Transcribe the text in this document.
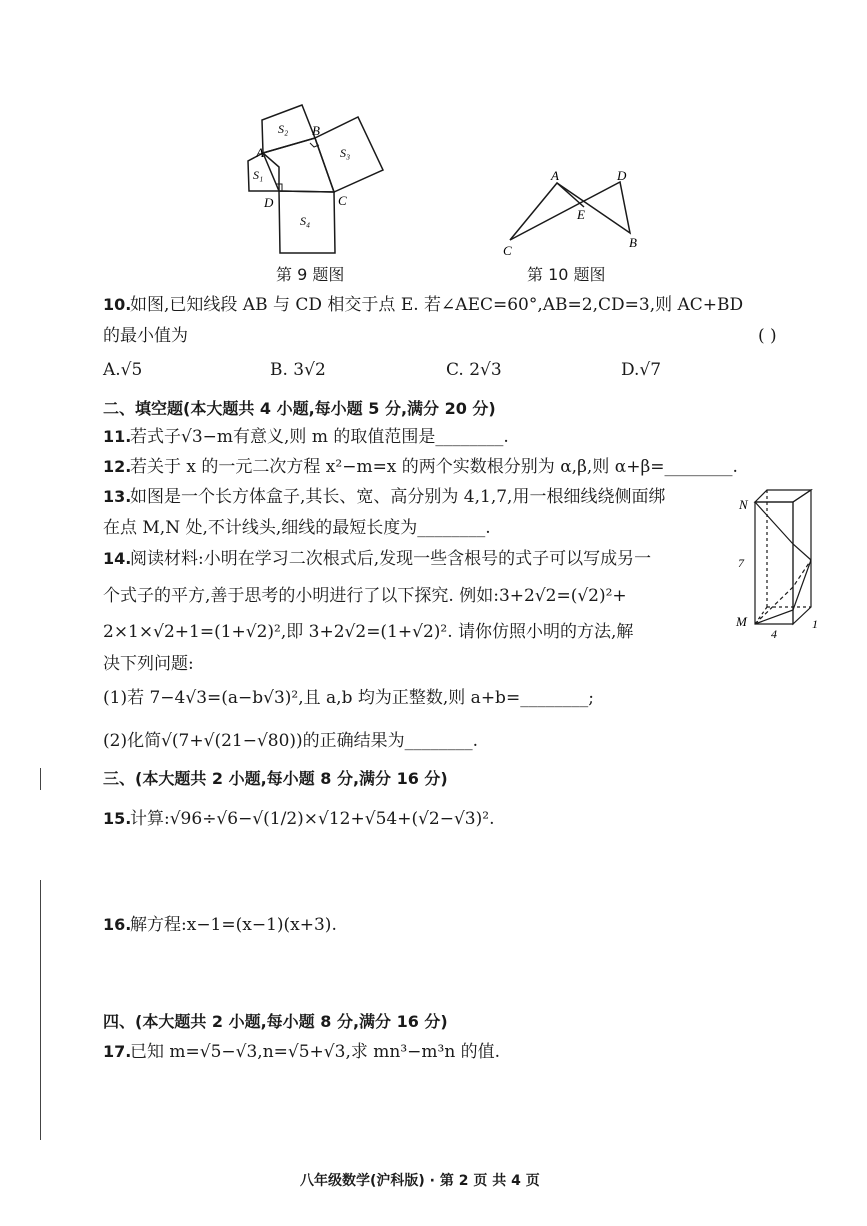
S₁
S₂
S₃
S₄
A
B
C
D
第 9 题图
A	D
E
C
B
第 10 题图
10.
如图,已知线段 AB 与 CD 相交于点 E. 若∠AEC=60°,AB=2,CD=3,则 AC+BD
的最小值为	( )
A.√5	B. 3√2	C. 2√3	D.√7
二、填空题(本大题共 4 小题,每小题 5 分,满分 20 分)
11.
若式子√3−m有意义,则 m 的取值范围是________.
12.
若关于 x 的一元二次方程 x²−m=x 的两个实数根分别为 α,β,则 α+β=________.
13.
如图是一个长方体盒子,其长、宽、高分别为 4,1,7,用一根细线绕侧面绑
在点 M,N 处,不计线头,细线的最短长度为________.
N
M
7
4
1
14.
阅读材料:小明在学习二次根式后,发现一些含根号的式子可以写成另一
个式子的平方,善于思考的小明进行了以下探究. 例如:3+2√2=(√2)²+
2×1×√2+1=(1+√2)²,即 3+2√2=(1+√2)². 请你仿照小明的方法,解
决下列问题:
(1)若 7−4√3=(a−b√3)²,且 a,b 均为正整数,则 a+b=________;
(2)化简√(7+√(21−√80))的正确结果为________.
三、(本大题共 2 小题,每小题 8 分,满分 16 分)
15.
计算:√96÷√6−√(1/2)×√12+√54+(√2−√3)².
16.
解方程:x−1=(x−1)(x+3).
四、(本大题共 2 小题,每小题 8 分,满分 16 分)
17.
已知 m=√5−√3,n=√5+√3,求 mn³−m³n 的值.
八年级数学(沪科版) · 第 2 页 共 4 页
